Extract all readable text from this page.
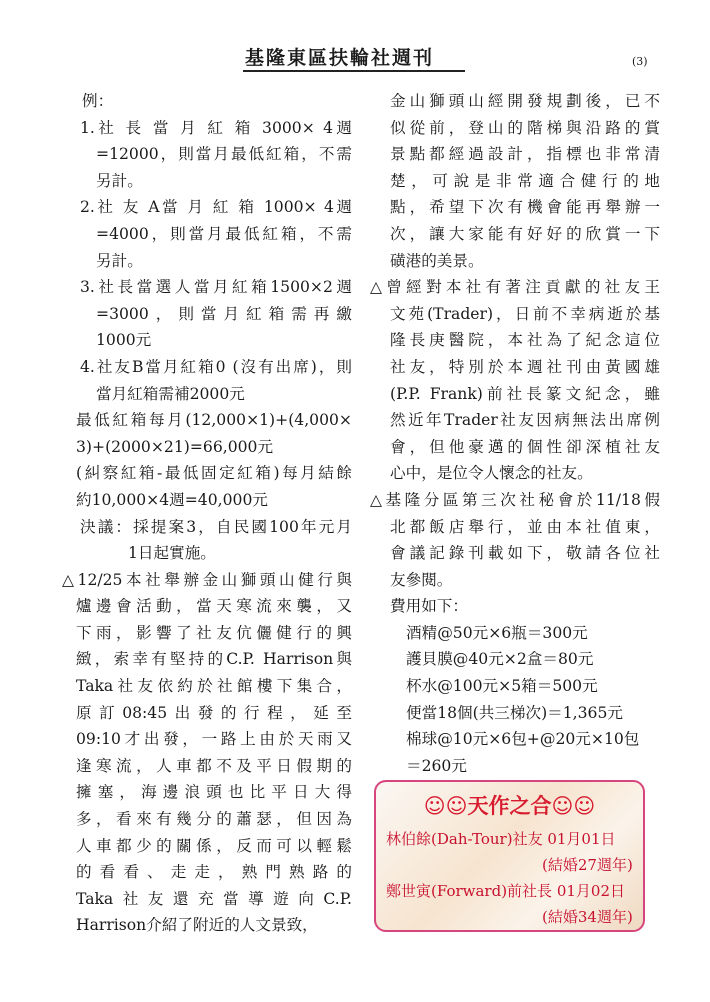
基隆東區扶輪社週刊	(3)
例：
1.社 長 當 月 紅 箱 3000× 4週
=12000，則當月最低紅箱，不需
另計。
2.社 友 A當 月 紅 箱 1000× 4週
=4000，則當月最低紅箱，不需
另計。
3.社長當選人當月紅箱1500×2週
=3000，則當月紅箱需再繳
1000元
4.社友B當月紅箱0 (沒有出席)，則
當月紅箱需補2000元
最低紅箱每月(12,000×1)+(4,000×
3)+(2000×21)=66,000元
(糾察紅箱-最低固定紅箱)每月結餘
約10,000×4週=40,000元
決議：採提案3，自民國100年元月
1日起實施。
△12/25本社舉辦金山獅頭山健行與
爐邊會活動，當天寒流來襲，又
下雨，影響了社友伉儷健行的興
緻，索幸有堅持的C.P. Harrison與
Taka社友依約於社館樓下集合，
原訂08:45出發的行程，延至
09:10才出發，一路上由於天雨又
逢寒流，人車都不及平日假期的
擁塞，海邊浪頭也比平日大得
多，看來有幾分的蕭瑟，但因為
人車都少的關係，反而可以輕鬆
的看看、走走，熟門熟路的
Taka社友還充當導遊向C.P.
Harrison介紹了附近的人文景致，
金山獅頭山經開發規劃後，已不
似從前，登山的階梯與沿路的賞
景點都經過設計，指標也非常清
楚，可說是非常適合健行的地
點，希望下次有機會能再舉辦一
次，讓大家能有好好的欣賞一下
磺港的美景。
△曾經對本社有著注貢獻的社友王
文苑(Trader)，日前不幸病逝於基
隆長庚醫院，本社為了紀念這位
社友，特別於本週社刊由黃國雄
(P.P. Frank)前社長篆文紀念，雖
然近年Trader社友因病無法出席例
會，但他豪邁的個性卻深植社友
心中，是位令人懷念的社友。
△基隆分區第三次社秘會於11/18假
北都飯店舉行，並由本社值東，
會議記錄刊載如下，敬請各位社
友參閱。
費用如下：
酒精@50元×6瓶＝300元
護貝膜@40元×2盒＝80元
杯水@100元×5箱＝500元
便當18個(共三梯次)＝1,365元
棉球@10元×6包+@20元×10包
＝260元
☺☺天作之合☺☺
林伯餘(Dah-Tour)社友 01月01日
(結婚27週年)
鄭世寅(Forward)前社長 01月02日
(結婚34週年)
